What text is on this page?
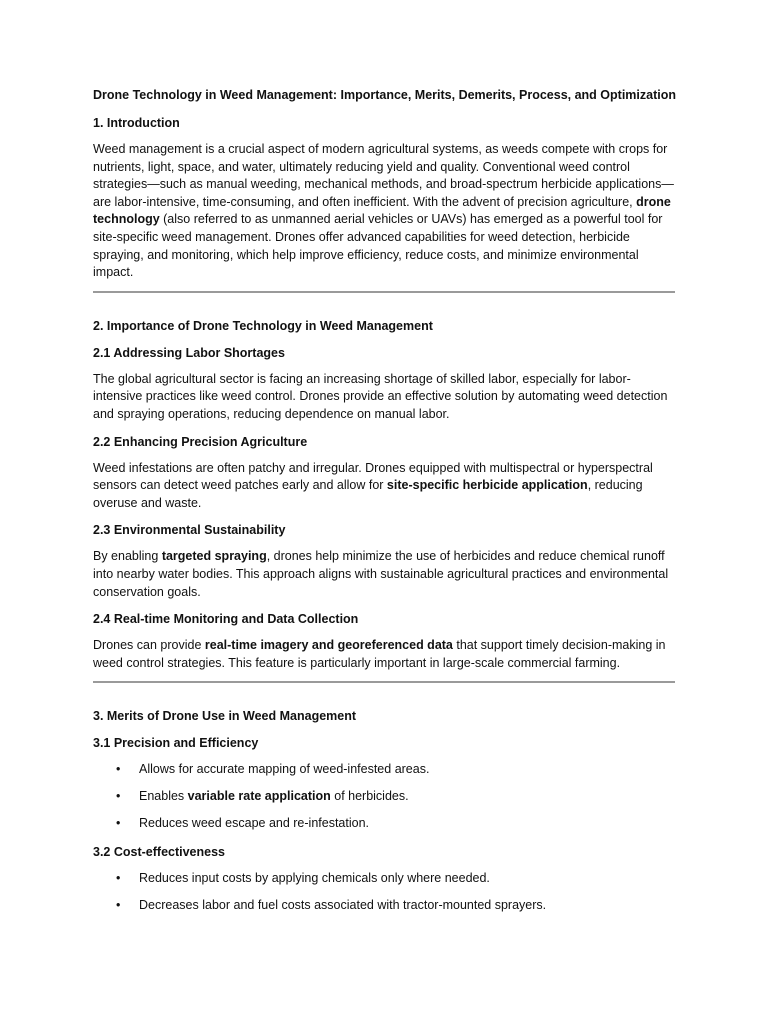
Drone Technology in Weed Management: Importance, Merits, Demerits, Process, and Optimization
1. Introduction

Weed management is a crucial aspect of modern agricultural systems, as weeds compete with crops for nutrients, light, space, and water, ultimately reducing yield and quality. Conventional weed control strategies—such as manual weeding, mechanical methods, and broad-spectrum herbicide applications—are labor-intensive, time-consuming, and often inefficient. With the advent of precision agriculture, drone technology (also referred to as unmanned aerial vehicles or UAVs) has emerged as a powerful tool for site-specific weed management. Drones offer advanced capabilities for weed detection, herbicide spraying, and monitoring, which help improve efficiency, reduce costs, and minimize environmental impact.

2. Importance of Drone Technology in Weed Management
2.1 Addressing Labor Shortages

The global agricultural sector is facing an increasing shortage of skilled labor, especially for labor-intensive practices like weed control. Drones provide an effective solution by automating weed detection and spraying operations, reducing dependence on manual labor.

2.2 Enhancing Precision Agriculture

Weed infestations are often patchy and irregular. Drones equipped with multispectral or hyperspectral sensors can detect weed patches early and allow for site-specific herbicide application, reducing overuse and waste.

2.3 Environmental Sustainability

By enabling targeted spraying, drones help minimize the use of herbicides and reduce chemical runoff into nearby water bodies. This approach aligns with sustainable agricultural practices and environmental conservation goals.

2.4 Real-time Monitoring and Data Collection

Drones can provide real-time imagery and georeferenced data that support timely decision-making in weed control strategies. This feature is particularly important in large-scale commercial farming.

3. Merits of Drone Use in Weed Management
3.1 Precision and Efficiency
• Allows for accurate mapping of weed-infested areas.
• Enables variable rate application of herbicides.
• Reduces weed escape and re-infestation.
3.2 Cost-effectiveness
• Reduces input costs by applying chemicals only where needed.
• Decreases labor and fuel costs associated with tractor-mounted sprayers.
